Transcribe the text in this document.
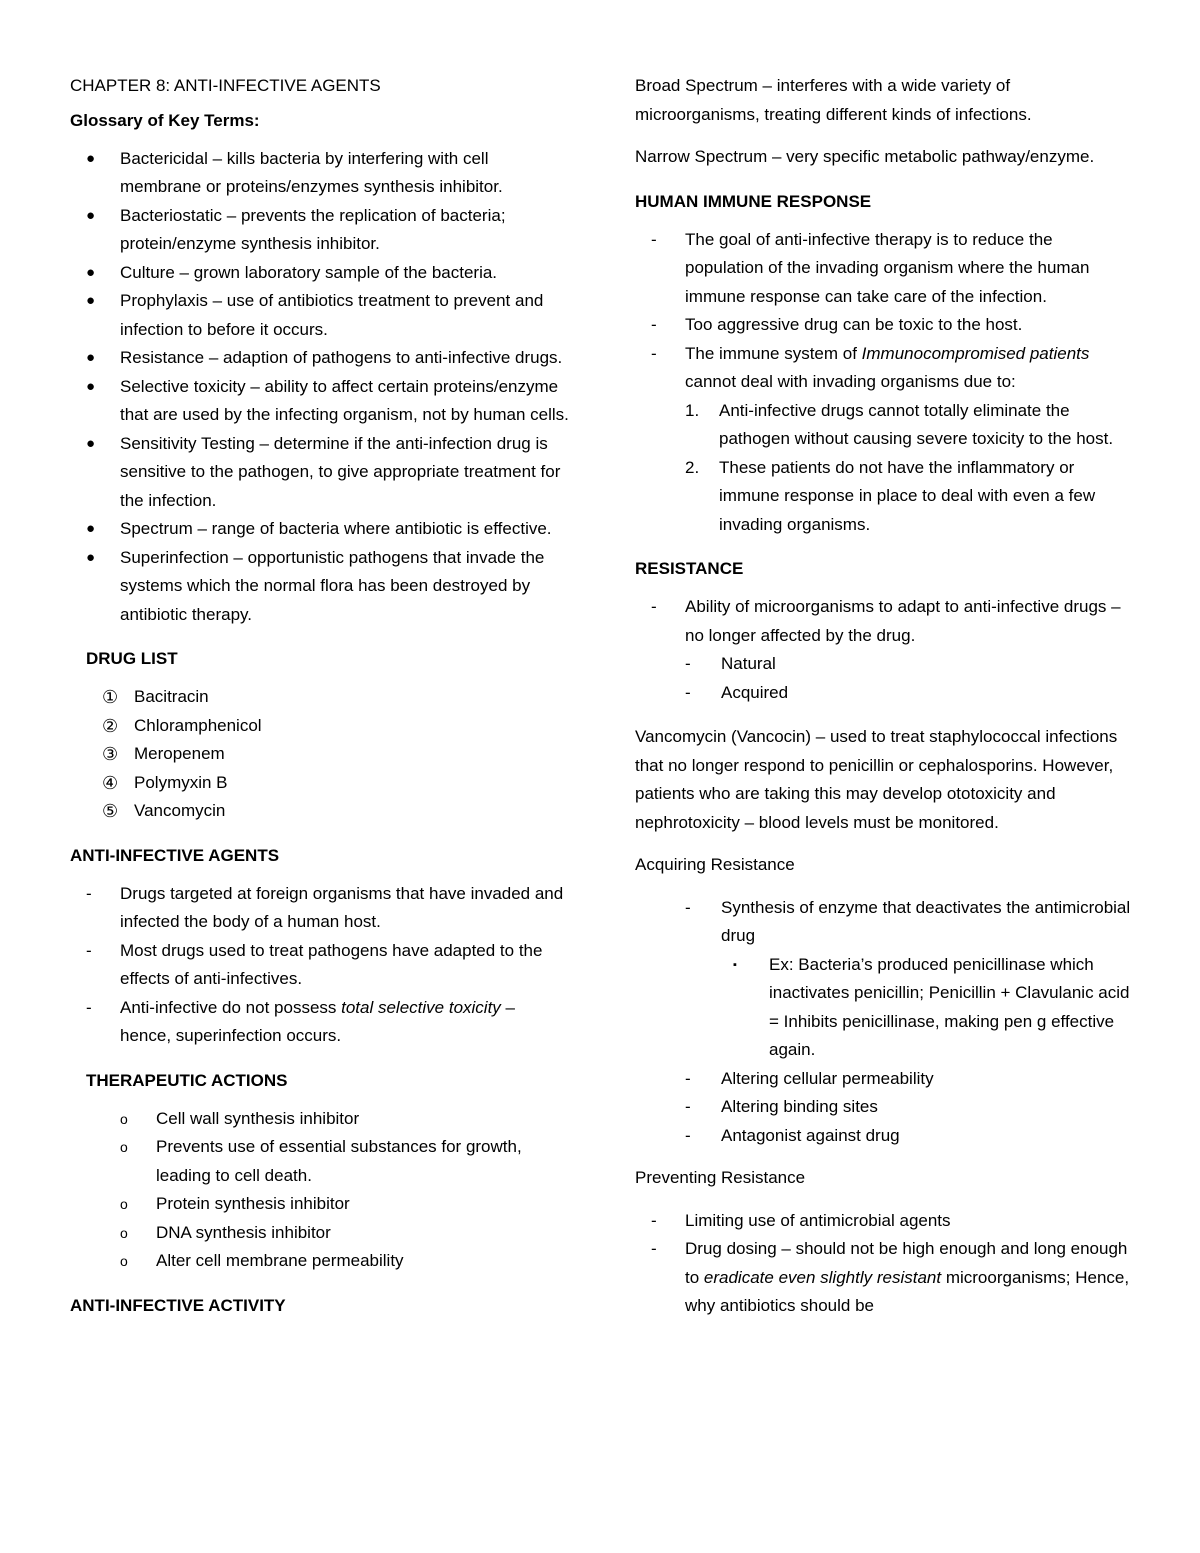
CHAPTER 8: ANTI-INFECTIVE AGENTS

Glossary of Key Terms:

●	Bactericidal – kills bacteria by interfering with cell membrane or proteins/enzymes synthesis inhibitor.
●	Bacteriostatic – prevents the replication of bacteria; protein/enzyme synthesis inhibitor.
●	Culture – grown laboratory sample of the bacteria.
●	Prophylaxis – use of antibiotics treatment to prevent and infection to before it occurs.
●	Resistance – adaption of pathogens to anti-infective drugs.
●	Selective toxicity – ability to affect certain proteins/enzyme that are used by the infecting organism, not by human cells.
●	Sensitivity Testing – determine if the anti-infection drug is sensitive to the pathogen, to give appropriate treatment for the infection.
●	Spectrum – range of bacteria where antibiotic is effective.
●	Superinfection – opportunistic pathogens that invade the systems which the normal flora has been destroyed by antibiotic therapy.

DRUG LIST

① Bacitracin
② Chloramphenicol
③ Meropenem
④ Polymyxin B
⑤ Vancomycin

ANTI-INFECTIVE AGENTS

-	Drugs targeted at foreign organisms that have invaded and infected the body of a human host.
-	Most drugs used to treat pathogens have adapted to the effects of anti-infectives.
-	Anti-infective do not possess total selective toxicity – hence, superinfection occurs.

THERAPEUTIC ACTIONS

o	Cell wall synthesis inhibitor
o	Prevents use of essential substances for growth, leading to cell death.
o	Protein synthesis inhibitor
o	DNA synthesis inhibitor
o	Alter cell membrane permeability

ANTI-INFECTIVE ACTIVITY

Broad Spectrum – interferes with a wide variety of microorganisms, treating different kinds of infections.

Narrow Spectrum – very specific metabolic pathway/enzyme.

HUMAN IMMUNE RESPONSE

-	The goal of anti-infective therapy is to reduce the population of the invading organism where the human immune response can take care of the infection.
-	Too aggressive drug can be toxic to the host.
-	The immune system of Immunocompromised patients cannot deal with invading organisms due to:
1.	Anti-infective drugs cannot totally eliminate the pathogen without causing severe toxicity to the host.
2.	These patients do not have the inflammatory or immune response in place to deal with even a few invading organisms.

RESISTANCE

-	Ability of microorganisms to adapt to anti-infective drugs – no longer affected by the drug.
-	Natural
-	Acquired

Vancomycin (Vancocin) – used to treat staphylococcal infections that no longer respond to penicillin or cephalosporins. However, patients who are taking this may develop ototoxicity and nephrotoxicity – blood levels must be monitored.

Acquiring Resistance

-	Synthesis of enzyme that deactivates the antimicrobial drug
▪	Ex: Bacteria’s produced penicillinase which inactivates penicillin; Penicillin + Clavulanic acid = Inhibits penicillinase, making pen g effective again.
-	Altering cellular permeability
-	Altering binding sites
-	Antagonist against drug

Preventing Resistance

-	Limiting use of antimicrobial agents
-	Drug dosing – should not be high enough and long enough to eradicate even slightly resistant microorganisms; Hence, why antibiotics should be
